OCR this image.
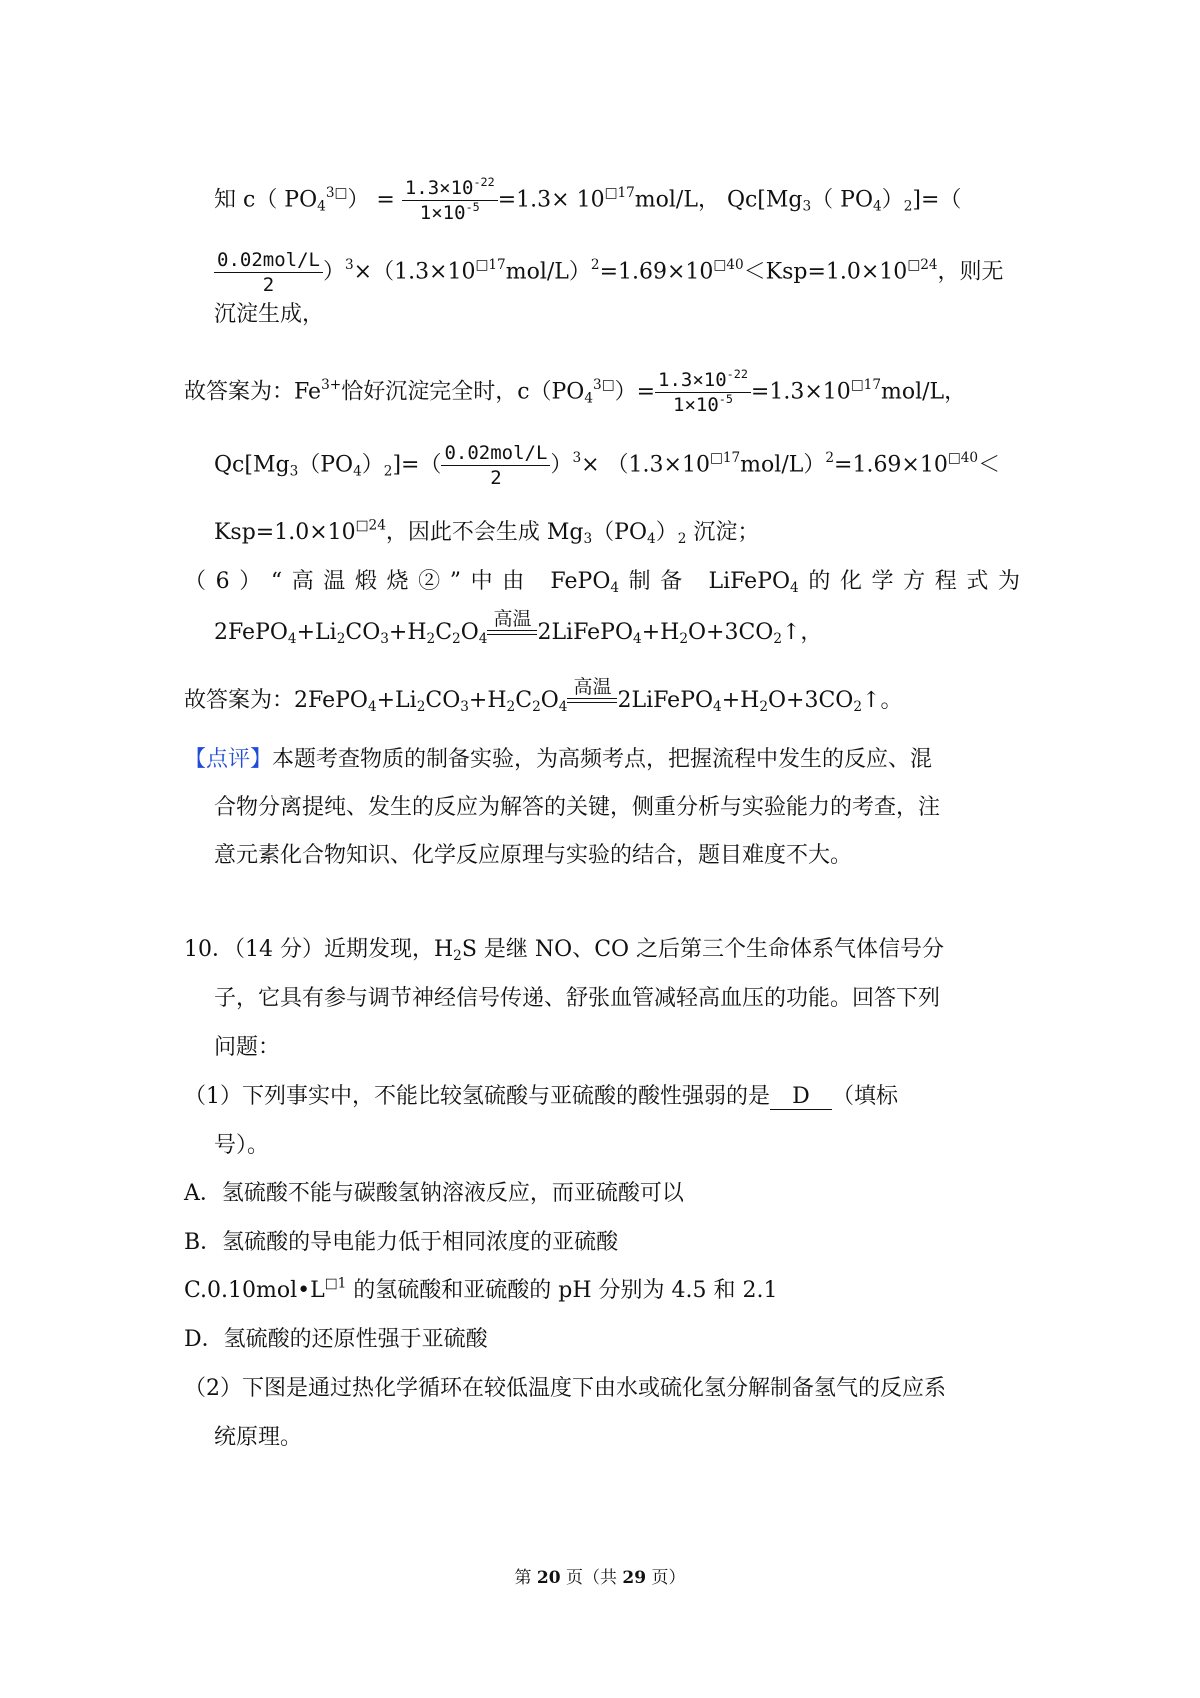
知 c（ $PO_4^{3□}) = \frac{1.3\times 10^{-22}}{1\times 10^{-5}} =1.3\times 10^{□17}mol/L$， $Qc[Mg_3$（ $PO_4)_2]=$（
$\frac{\text{0.02mol/L}}{2} )^3\times(1.3\times 10^{□17}mol/L)^2=1.69\times 10^{□40}<Ksp=1.0\times 10^{□24}$，则无
沉淀生成，
故答案为：$Fe^{3+}$恰好沉淀完全时，$c(PO_4^{3□})= \frac{1.3\times 10^{-22}}{1\times 10^{-5}} =1.3\times 10^{□17}mol/L$，
$Qc[Mg_3(PO_4)_2]=( \frac{\text{0.02mol/L}}{2} )^3\times (1.3\times 10^{□17}mol/L)^2=1.69\times 10^{□40}<$
$Ksp=1.0\times 10^{□24}$，因此不会生成 $Mg_3(PO_4)_2$ 沉淀；
（6）“高温煅烧②”中由 FePO$_4$制备 LiFePO$_4$的化学方程式为
$2FePO_4+Li_2CO_3+H_2C_2O_4$
高温
$2LiFePO_4+H_2O+3CO_2↑$，
故答案为：$2FePO_4+Li_2CO_3+H_2C_2O_4$
高温
$2LiFePO_4+H_2O+3CO_2↑$。
【点评】本题考查物质的制备实验，为高频考点，把握流程中发生的反应、混
合物分离提纯、发生的反应为解答的关键，侧重分析与实验能力的考查，注
意元素化合物知识、化学反应原理与实验的结合，题目难度不大。
10．（14 分）近期发现，$H_2S$ 是继 NO、CO 之后第三个生命体系气体信号分
子，它具有参与调节神经信号传递、舒张血管减轻高血压的功能。回答下列
问题：
（1）下列事实中，不能比较氢硫酸与亚硫酸的酸性强弱的是 D （填标
号）。
A．氢硫酸不能与碳酸氢钠溶液反应，而亚硫酸可以
B．氢硫酸的导电能力低于相同浓度的亚硫酸
$C.0.10mol•L^{□1}$ 的氢硫酸和亚硫酸的 pH 分别为 4.5 和 2.1
D．氢硫酸的还原性强于亚硫酸
（2）下图是通过热化学循环在较低温度下由水或硫化氢分解制备氢气的反应系
统原理。
第 20 页（共 29 页）
